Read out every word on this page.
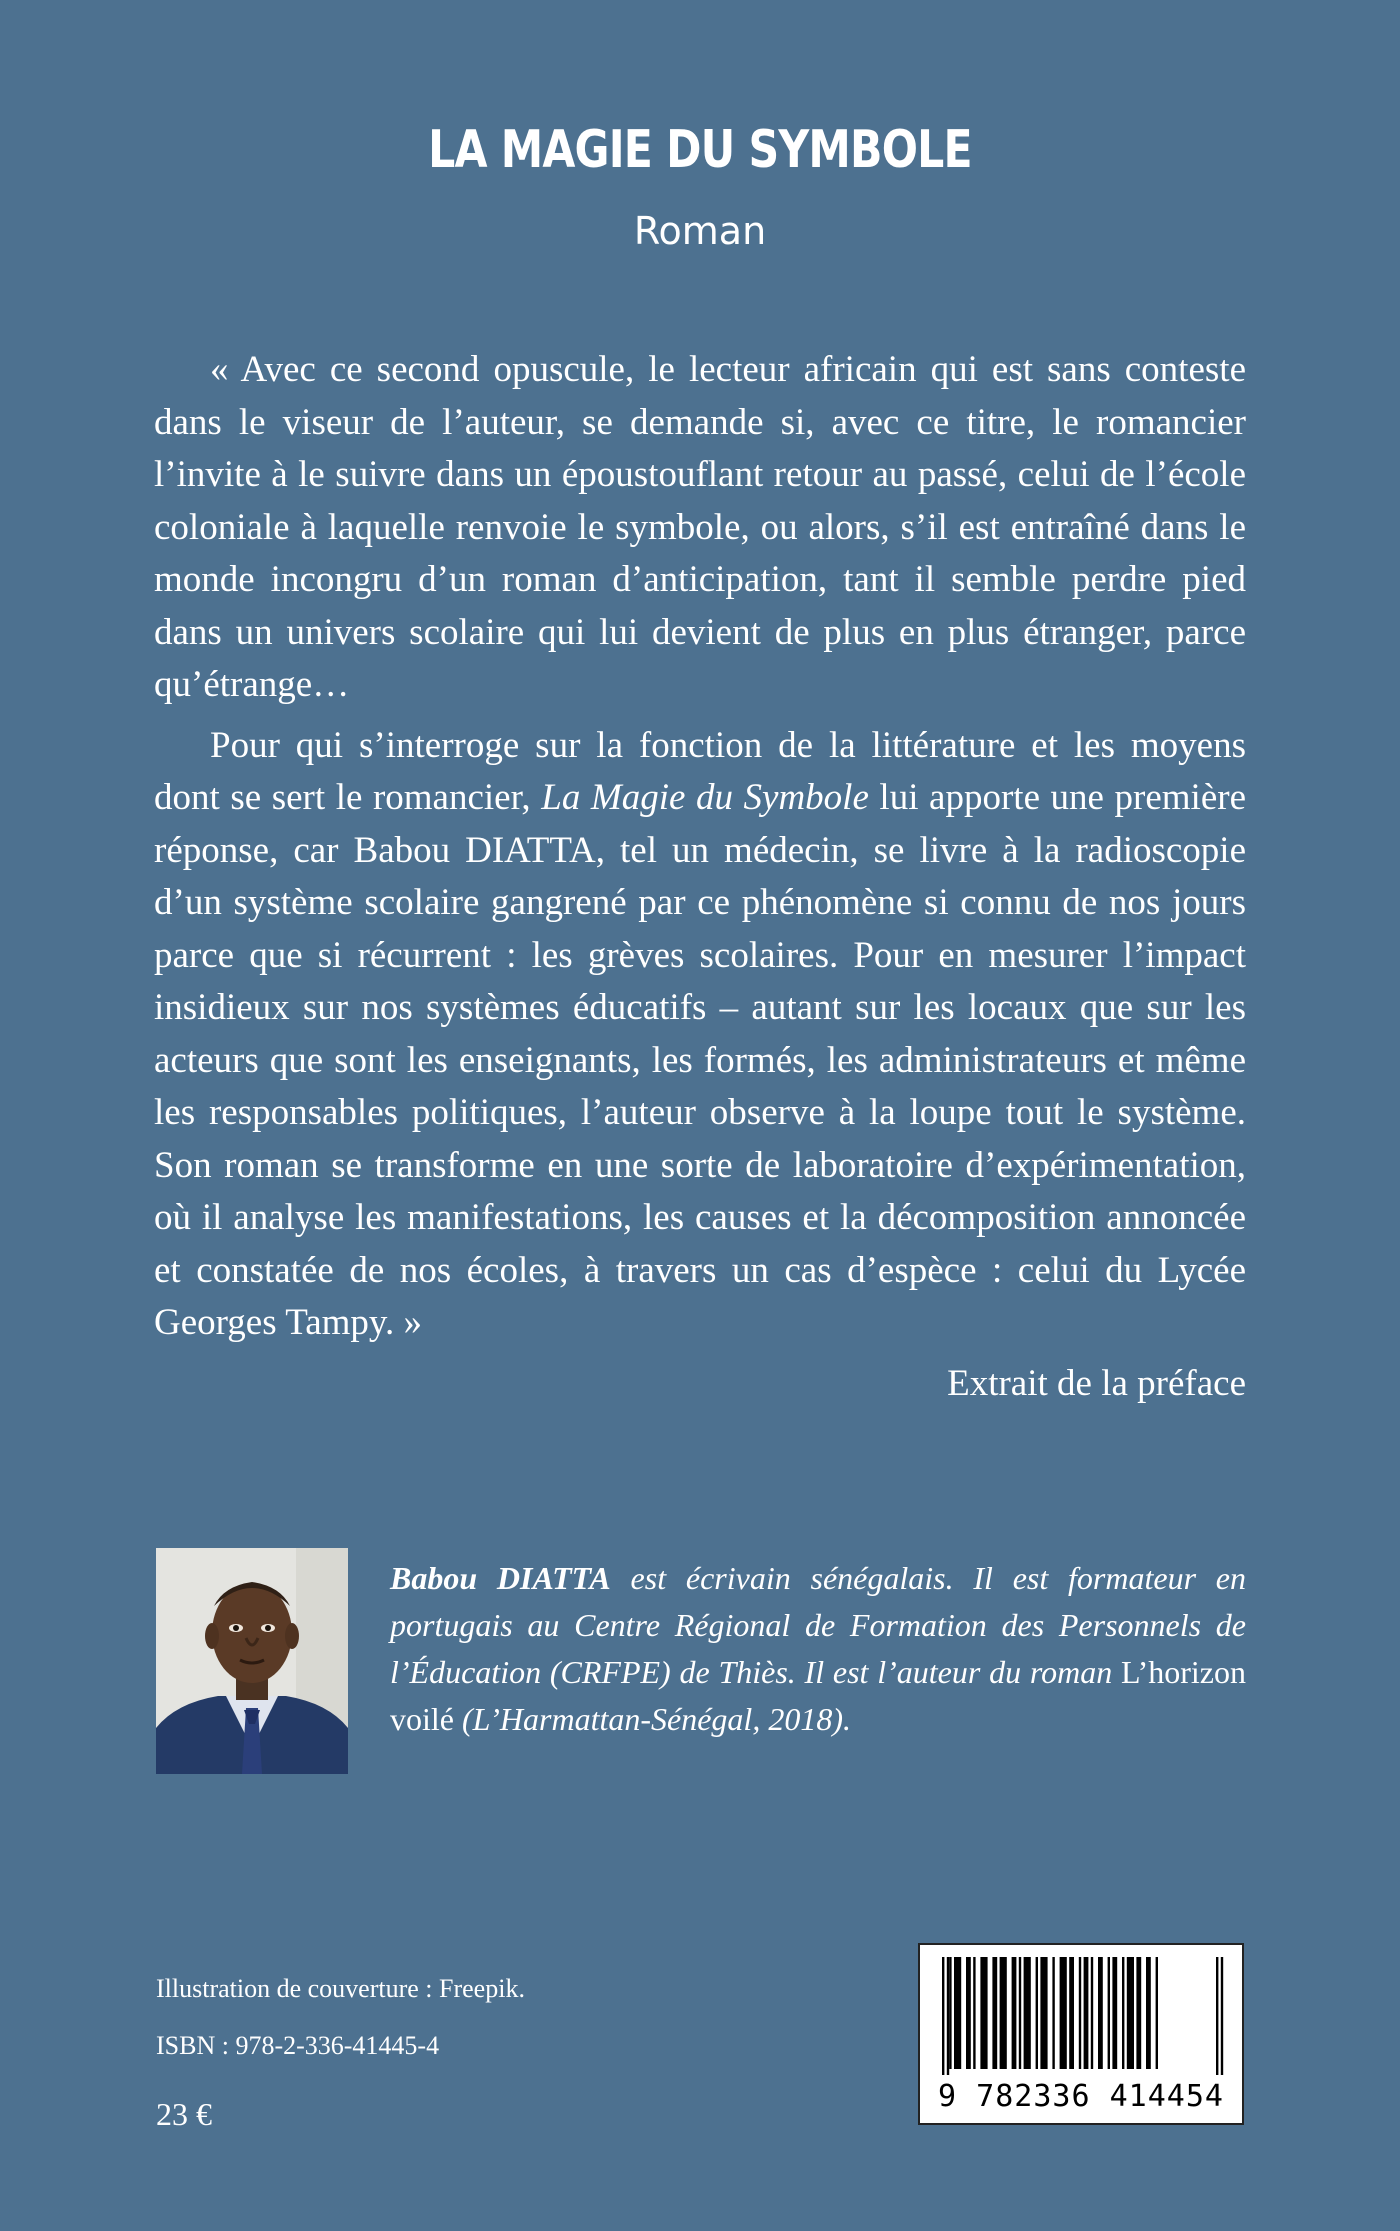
LA MAGIE DU SYMBOLE
Roman

« Avec ce second opuscule, le lecteur africain qui est sans conteste dans le viseur de l’auteur, se demande si, avec ce titre, le romancier l’invite à le suivre dans un époustouflant retour au passé, celui de l’école coloniale à laquelle renvoie le symbole, ou alors, s’il est entraîné dans le monde incongru d’un roman d’anticipation, tant il semble perdre pied dans un univers scolaire qui lui devient de plus en plus étranger, parce qu’étrange…

Pour qui s’interroge sur la fonction de la littérature et les moyens dont se sert le romancier, La Magie du Symbole lui apporte une première réponse, car Babou DIATTA, tel un médecin, se livre à la radioscopie d’un système scolaire gangrené par ce phénomène si connu de nos jours parce que si récurrent : les grèves scolaires. Pour en mesurer l’impact insidieux sur nos systèmes éducatifs – autant sur les locaux que sur les acteurs que sont les enseignants, les formés, les administrateurs et même les responsables politiques, l’auteur observe à la loupe tout le système. Son roman se transforme en une sorte de laboratoire d’expérimentation, où il analyse les manifestations, les causes et la décomposition annoncée et constatée de nos écoles, à travers un cas d’espèce : celui du Lycée Georges Tampy. »

Extrait de la préface

Babou DIATTA est écrivain sénégalais. Il est formateur en portugais au Centre Régional de Formation des Personnels de l’Éducation (CRFPE) de Thiès. Il est l’auteur du roman L’horizon voilé (L’Harmattan-Sénégal, 2018).
Illustration de couverture : Freepik.
ISBN : 978-2-336-41445-4
23 €	9 782336 414454
